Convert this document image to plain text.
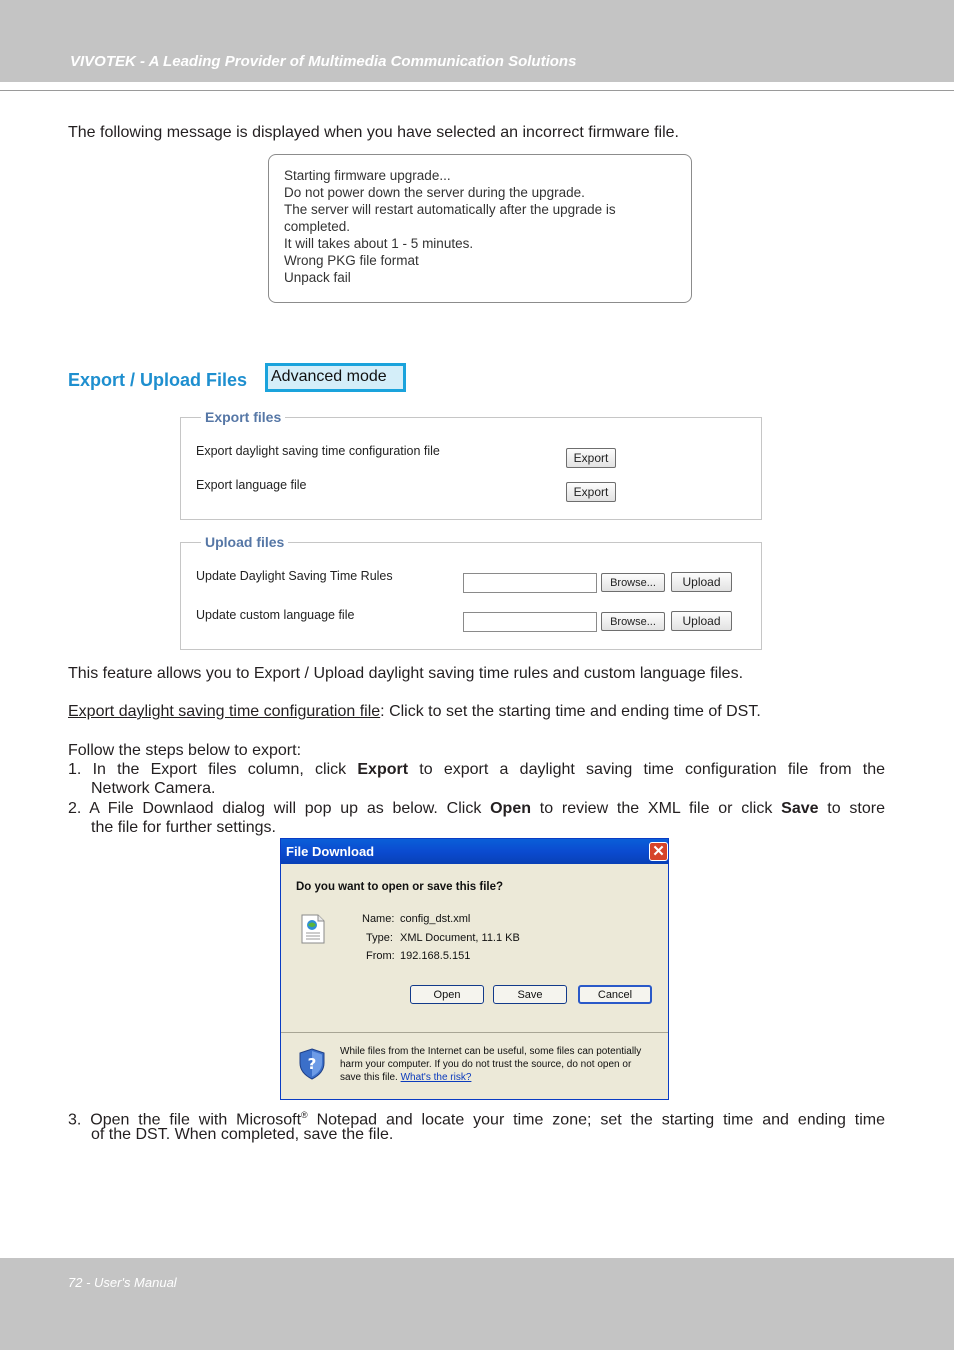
VIVOTEK - A Leading Provider of Multimedia Communication Solutions
72 - User's Manual
The following message is displayed when you have selected an incorrect firmware file.
Starting firmware upgrade...
Do not power down the server during the upgrade.
The server will restart automatically after the upgrade is
completed.
It will takes about 1 - 5 minutes.
Wrong PKG file format
Unpack fail
Export / Upload Files Advanced mode
Export files
Export daylight saving time configuration file	Export
Export language file	Export
Upload files
Update Daylight Saving Time Rules	Browse...	Upload
Update custom language file	Browse...	Upload
This feature allows you to Export / Upload daylight saving time rules and custom language files.
Export daylight saving time configuration file: Click to set the starting time and ending time of DST.
Follow the steps below to export:
1. In the Export files column, click Export to export a daylight saving time configuration file from the
Network Camera.
2. A File Downlaod dialog will pop up as below. Click Open to review the XML file or click Save to store
the file for further settings.
File Download	✕
Do you want to open or save this file?
Name: config_dst.xml
Type: XML Document, 11.1 KB
From: 192.168.5.151
Open	Save	Cancel
?
While files from the Internet can be useful, some files can potentially
harm your computer. If you do not trust the source, do not open or
save this file. What's the risk?
3. Open the file with Microsoft® Notepad and locate your time zone; set the starting time and ending time
of the DST. When completed, save the file.
